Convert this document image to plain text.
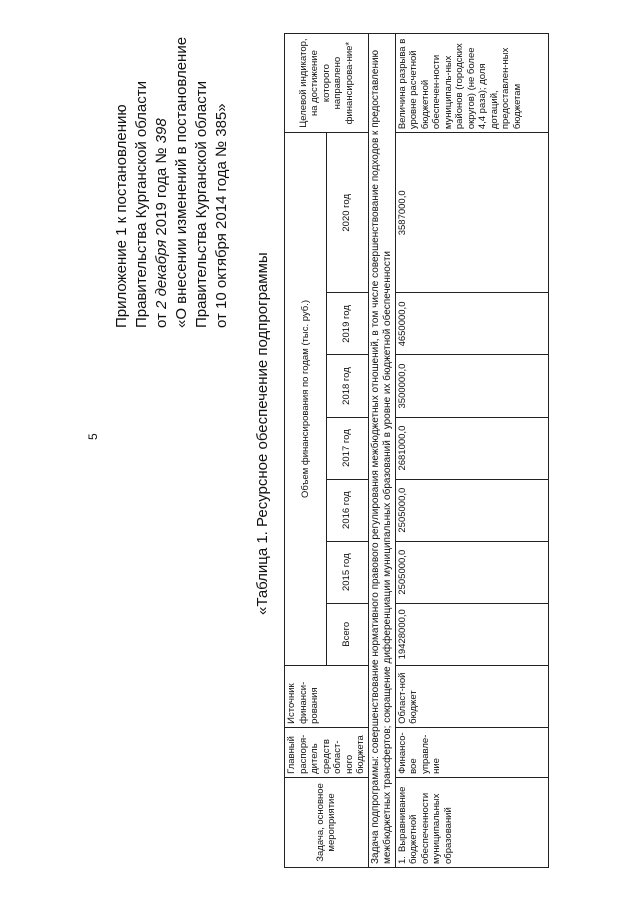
5
Приложение 1 к постановлению Правительства Курганской области от 2 декабря 2019 года № 398 «О внесении изменений в постановление Правительства Курганской области от 10 октября 2014 года № 385»
«Таблица 1. Ресурсное обеспечение подпрограммы
Задача, основное мероприятие	Главный распоря-дитель средств област-ного бюджета	Источник финанси-рования	Объем финансирования по годам (тыс. руб.)							Целевой индикатор, на достижение которого направлено финансирова-ние*
			Всего	2015 год	2016 год	2017 год	2018 год	2019 год	2020 год	
Задача подпрограммы: совершенствование нормативного правового регулирования межбюджетных отношений, в том числе совершенствование подходов к предоставлению межбюджетных трансфертов; сокращение дифференциации муниципальных образований в уровне их бюджетной обеспеченности										
1.Выравнивание бюджетной обеспеченности муниципальных образований	Финансо-вое управле-ние	Област-ной бюджет	19428000,0	2505000,0	2505000,0	2681000,0	3500000,0	4650000,0	3587000,0	Величина разрыва в уровне расчетной бюджетной обеспечен-ности муниципаль-ных районов (городских округов) (не более 4,4 раза); доля дотаций, предоставлен-ных бюджетам
